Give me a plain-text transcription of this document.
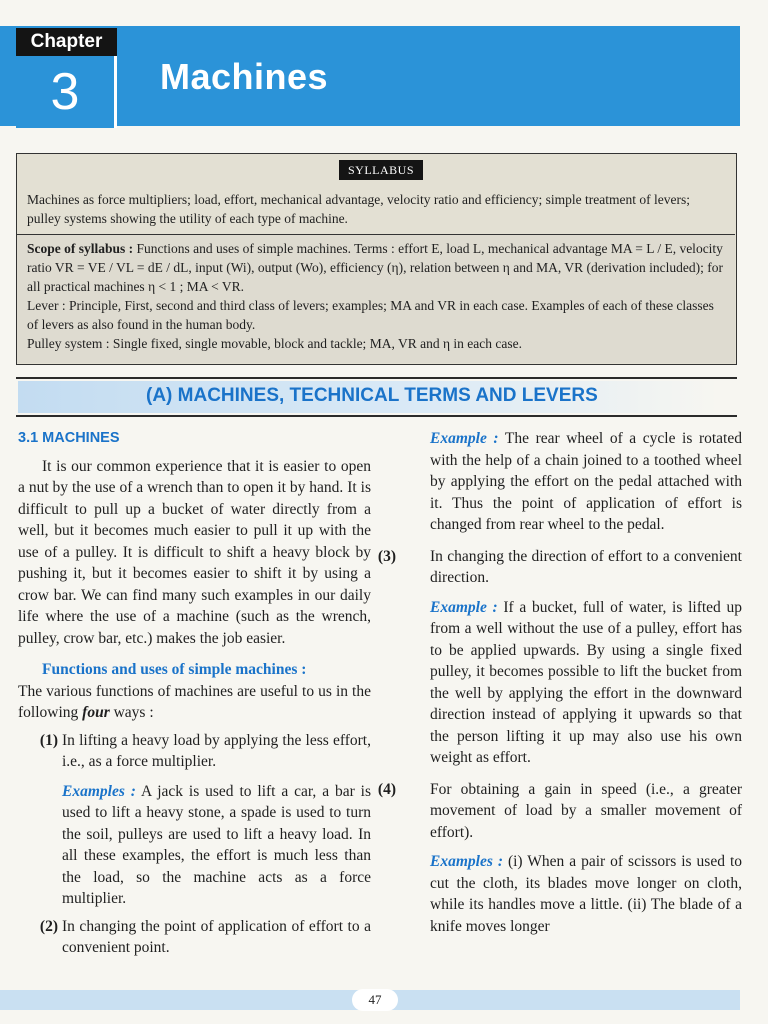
Chapter
3	Machines
SYLLABUS
Machines as force multipliers; load, effort, mechanical advantage, velocity ratio and efficiency; simple treatment of levers; pulley systems showing the utility of each type of machine.

Scope of syllabus : Functions and uses of simple machines. Terms : effort E, load L, mechanical advantage MA = L / E, velocity ratio VR = VE / VL = dE / dL, input (Wi), output (Wo), efficiency (η), relation between η and MA, VR (derivation included); for all practical machines η < 1 ; MA < VR.

Lever : Principle, First, second and third class of levers; examples; MA and VR in each case. Examples of each of these classes of levers as also found in the human body.

Pulley system : Single fixed, single movable, block and tackle; MA, VR and η in each case.

(A) MACHINES, TECHNICAL TERMS AND LEVERS
3.1 MACHINES

It is our common experience that it is easier to open a nut by the use of a wrench than to open it by hand. It is difficult to pull up a bucket of water directly from a well, but it becomes much easier to pull it up with the use of a pulley. It is difficult to shift a heavy block by pushing it, but it becomes easier to shift it by using a crow bar. We can find many such examples in our daily life where the use of a machine (such as the wrench, pulley, crow bar, etc.) makes the job easier.

Functions and uses of simple machines :

The various functions of machines are useful to us in the following four ways :

(1) In lifting a heavy load by applying the less effort, i.e., as a force multiplier.

Examples : A jack is used to lift a car, a bar is used to lift a heavy stone, a spade is used to turn the soil, pulleys are used to lift a heavy load. In all these examples, the effort is much less than the load, so the machine acts as a force multiplier.

(2) In changing the point of application of effort to a convenient point.

Example : The rear wheel of a cycle is rotated with the help of a chain joined to a toothed wheel by applying the effort on the pedal attached with it. Thus the point of application of effort is changed from rear wheel to the pedal.

(3) In changing the direction of effort to a convenient direction.

Example : If a bucket, full of water, is lifted up from a well without the use of a pulley, effort has to be applied upwards. By using a single fixed pulley, it becomes possible to lift the bucket from the well by applying the effort in the downward direction instead of applying it upwards so that the person lifting it up may also use his own weight as effort.

(4) For obtaining a gain in speed (i.e., a greater movement of load by a smaller movement of effort).

Examples : (i) When a pair of scissors is used to cut the cloth, its blades move longer on cloth, while its handles move a little. (ii) The blade of a knife moves longer

47
